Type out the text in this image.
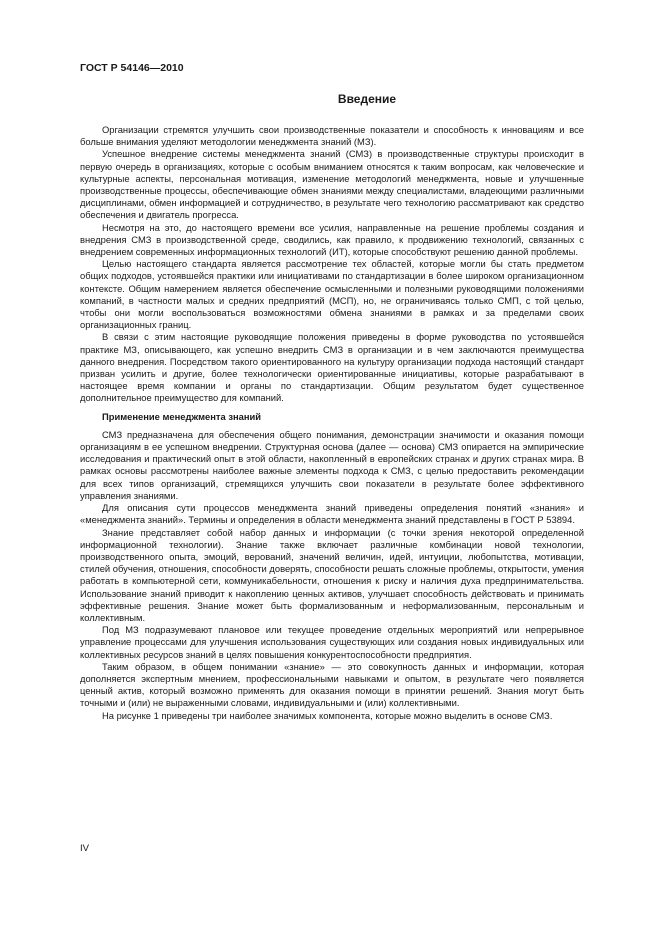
ГОСТ Р 54146—2010
Введение

Организации стремятся улучшить свои производственные показатели и способность к инновациям и все больше внимания уделяют методологии менеджмента знаний (МЗ).

Успешное внедрение системы менеджмента знаний (СМЗ) в производственные структуры происходит в первую очередь в организациях, которые с особым вниманием относятся к таким вопросам, как человеческие и культурные аспекты, персональная мотивация, изменение методологий менеджмента, новые и улучшенные производственные процессы, обеспечивающие обмен знаниями между специалистами, владеющими различными дисциплинами, обмен информацией и сотрудничество, в результате чего технологию рассматривают как средство обеспечения и двигатель прогресса.

Несмотря на это, до настоящего времени все усилия, направленные на решение проблемы создания и внедрения СМЗ в производственной среде, сводились, как правило, к продвижению технологий, связанных с внедрением современных информационных технологий (ИТ), которые способствуют решению данной проблемы.

Целью настоящего стандарта является рассмотрение тех областей, которые могли бы стать предметом общих подходов, устоявшейся практики или инициативами по стандартизации в более широком организационном контексте. Общим намерением является обеспечение осмысленными и полезными руководящими положениями компаний, в частности малых и средних предприятий (МСП), но, не ограничиваясь только СМП, с той целью, чтобы они могли воспользоваться возможностями обмена знаниями в рамках и за пределами своих организационных границ.

В связи с этим настоящие руководящие положения приведены в форме руководства по устоявшейся практике МЗ, описывающего, как успешно внедрить СМЗ в организации и в чем заключаются преимущества данного внедрения. Посредством такого ориентированного на культуру организации подхода настоящий стандарт призван усилить и другие, более технологически ориентированные инициативы, которые разрабатывают в настоящее время компании и органы по стандартизации. Общим результатом будет существенное дополнительное преимущество для компаний.

Применение менеджмента знаний

СМЗ предназначена для обеспечения общего понимания, демонстрации значимости и оказания помощи организациям в ее успешном внедрении. Структурная основа (далее — основа) СМЗ опирается на эмпирические исследования и практический опыт в этой области, накопленный в европейских странах и других странах мира. В рамках основы рассмотрены наиболее важные элементы подхода к СМЗ, с целью предоставить рекомендации для всех типов организаций, стремящихся улучшить свои показатели в результате более эффективного управления знаниями.

Для описания сути процессов менеджмента знаний приведены определения понятий «знания» и «менеджмента знаний». Термины и определения в области менеджмента знаний представлены в ГОСТ Р 53894.

Знание представляет собой набор данных и информации (с точки зрения некоторой определенной информационной технологии). Знание также включает различные комбинации новой технологии, производственного опыта, эмоций, верований, значений величин, идей, интуиции, любопытства, мотивации, стилей обучения, отношения, способности доверять, способности решать сложные проблемы, открытости, умения работать в компьютерной сети, коммуникабельности, отношения к риску и наличия духа предпринимательства. Использование знаний приводит к накоплению ценных активов, улучшает способность действовать и принимать эффективные решения. Знание может быть формализованным и неформализованным, персональным и коллективным.

Под МЗ подразумевают плановое или текущее проведение отдельных мероприятий или непрерывное управление процессами для улучшения использования существующих или создания новых индивидуальных или коллективных ресурсов знаний в целях повышения конкурентоспособности предприятия.

Таким образом, в общем понимании «знание» — это совокупность данных и информации, которая дополняется экспертным мнением, профессиональными навыками и опытом, в результате чего появляется ценный актив, который возможно применять для оказания помощи в принятии решений. Знания могут быть точными и (или) не выраженными словами, индивидуальными и (или) коллективными.

На рисунке 1 приведены три наиболее значимых компонента, которые можно выделить в основе СМЗ.

IV
